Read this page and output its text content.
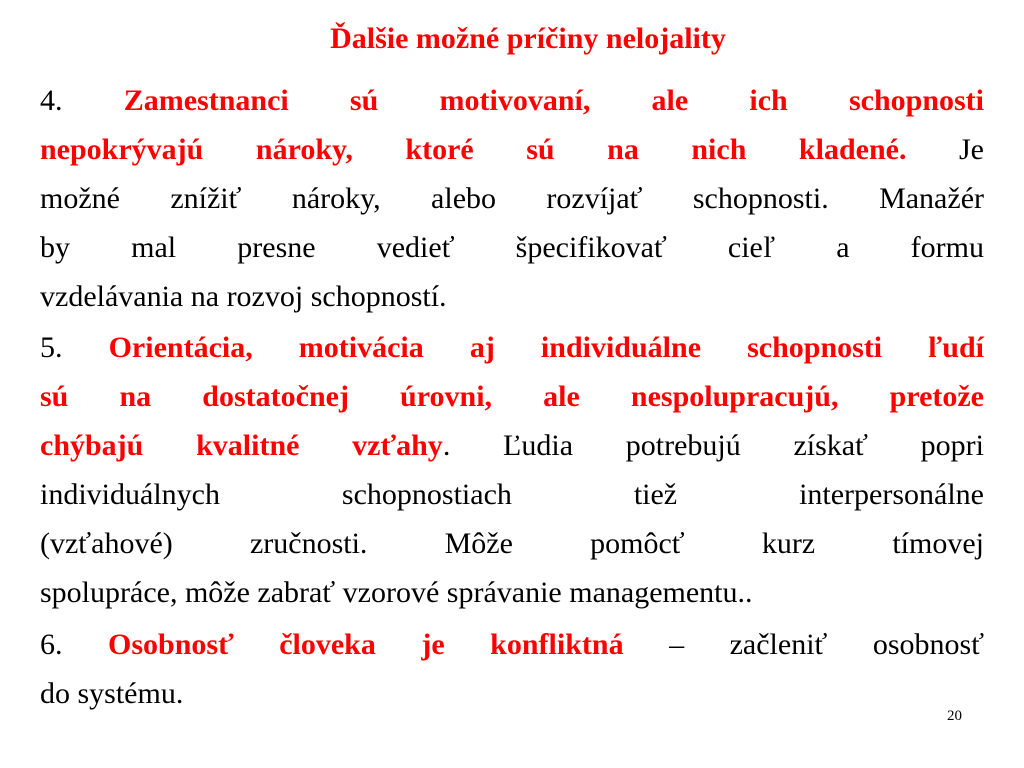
Ďalšie možné príčiny nelojality
4. Zamestnanci sú motivovaní, ale ich schopnosti
nepokrývajú nároky, ktoré sú na nich kladené. Je
možné znížiť nároky, alebo rozvíjať schopnosti. Manažér
by mal presne vedieť špecifikovať cieľ a formu
vzdelávania na rozvoj schopností.
5. Orientácia, motivácia aj individuálne schopnosti ľudí
sú na dostatočnej úrovni, ale nespolupracujú, pretože
chýbajú kvalitné vzťahy. Ľudia potrebujú získať popri
individuálnych schopnostiach tiež interpersonálne
(vzťahové) zručnosti. Môže pomôcť kurz tímovej
spolupráce, môže zabrať vzorové správanie managementu..
6. Osobnosť človeka je konfliktná – začleniť osobnosť
do systému.
20
